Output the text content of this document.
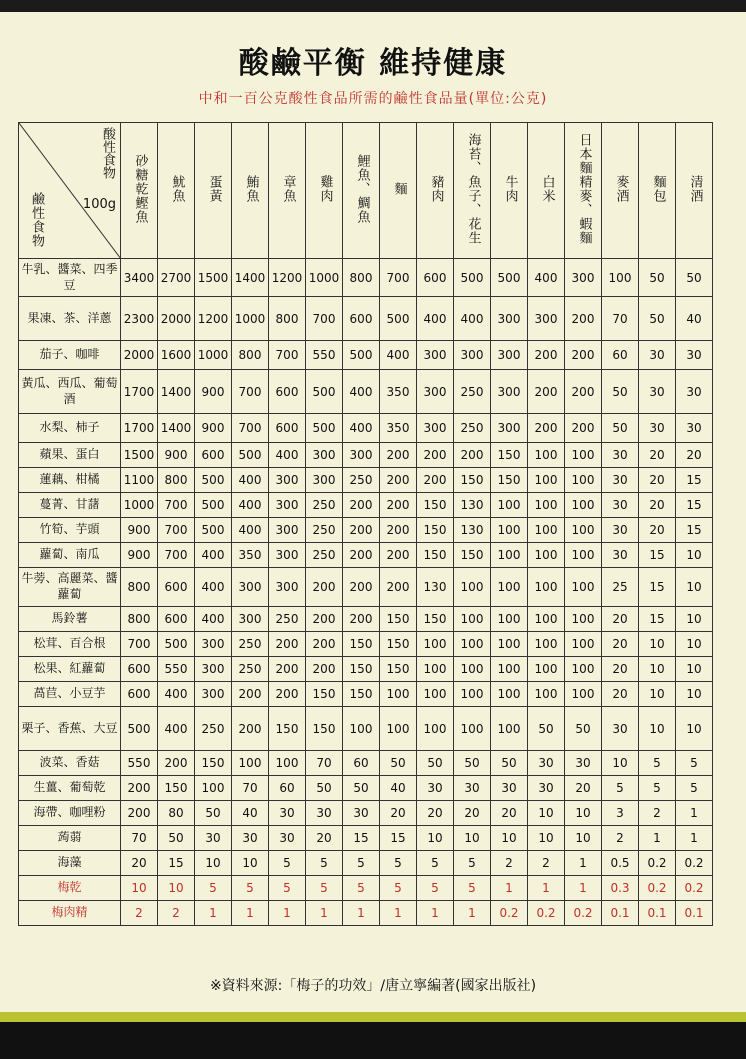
酸鹼平衡 維持健康
中和一百公克酸性食品所需的鹼性食品量(單位:公克)
酸性食物
100g
鹼性食物	砂糖乾鰹魚	魷魚	蛋黃	鮪魚	章魚	雞肉	鯉魚、鯛魚	麵	豬肉	海苔、魚子、花生	牛肉	白米	日本麵精麥、蝦麵	麥酒	麵包	清酒
牛乳、醬菜、四季豆	3400	2700	1500	1400	1200	1000	800	700	600	500	500	400	300	100	50	50
果凍、茶、洋蔥	2300	2000	1200	1000	800	700	600	500	400	400	300	300	200	70	50	40
茄子、咖啡	2000	1600	1000	800	700	550	500	400	300	300	300	200	200	60	30	30
黃瓜、西瓜、葡萄酒	1700	1400	900	700	600	500	400	350	300	250	300	200	200	50	30	30
水梨、柿子	1700	1400	900	700	600	500	400	350	300	250	300	200	200	50	30	30
蘋果、蛋白	1500	900	600	500	400	300	300	200	200	200	150	100	100	30	20	20
蓮藕、柑橘	1100	800	500	400	300	300	250	200	200	150	150	100	100	30	20	15
蔓菁、甘藷	1000	700	500	400	300	250	200	200	150	130	100	100	100	30	20	15
竹筍、芋頭	900	700	500	400	300	250	200	200	150	130	100	100	100	30	20	15
蘿蔔、南瓜	900	700	400	350	300	250	200	200	150	150	100	100	100	30	15	10
牛蒡、高麗菜、醬蘿蔔	800	600	400	300	300	200	200	200	130	100	100	100	100	25	15	10
馬鈴薯	800	600	400	300	250	200	200	150	150	100	100	100	100	20	15	10
松茸、百合根	700	500	300	250	200	200	150	150	100	100	100	100	100	20	10	10
松果、紅蘿蔔	600	550	300	250	200	200	150	150	100	100	100	100	100	20	10	10
萵苣、小豆芋	600	400	300	200	200	150	150	100	100	100	100	100	100	20	10	10
栗子、香蕉、大豆	500	400	250	200	150	150	100	100	100	100	100	50	50	30	10	10
波菜、香菇	550	200	150	100	100	70	60	50	50	50	50	30	30	10	5	5
生薑、葡萄乾	200	150	100	70	60	50	50	40	30	30	30	30	20	5	5	5
海帶、咖哩粉	200	80	50	40	30	30	30	20	20	20	20	10	10	3	2	1
蒟蒻	70	50	30	30	30	20	15	15	10	10	10	10	10	2	1	1
海藻	20	15	10	10	5	5	5	5	5	5	2	2	1	0.5	0.2	0.2
梅乾	10	10	5	5	5	5	5	5	5	5	1	1	1	0.3	0.2	0.2
梅肉精	2	2	1	1	1	1	1	1	1	1	0.2	0.2	0.2	0.1	0.1	0.1
※資料來源:「梅子的功效」/唐立寧編著(國家出版社)
